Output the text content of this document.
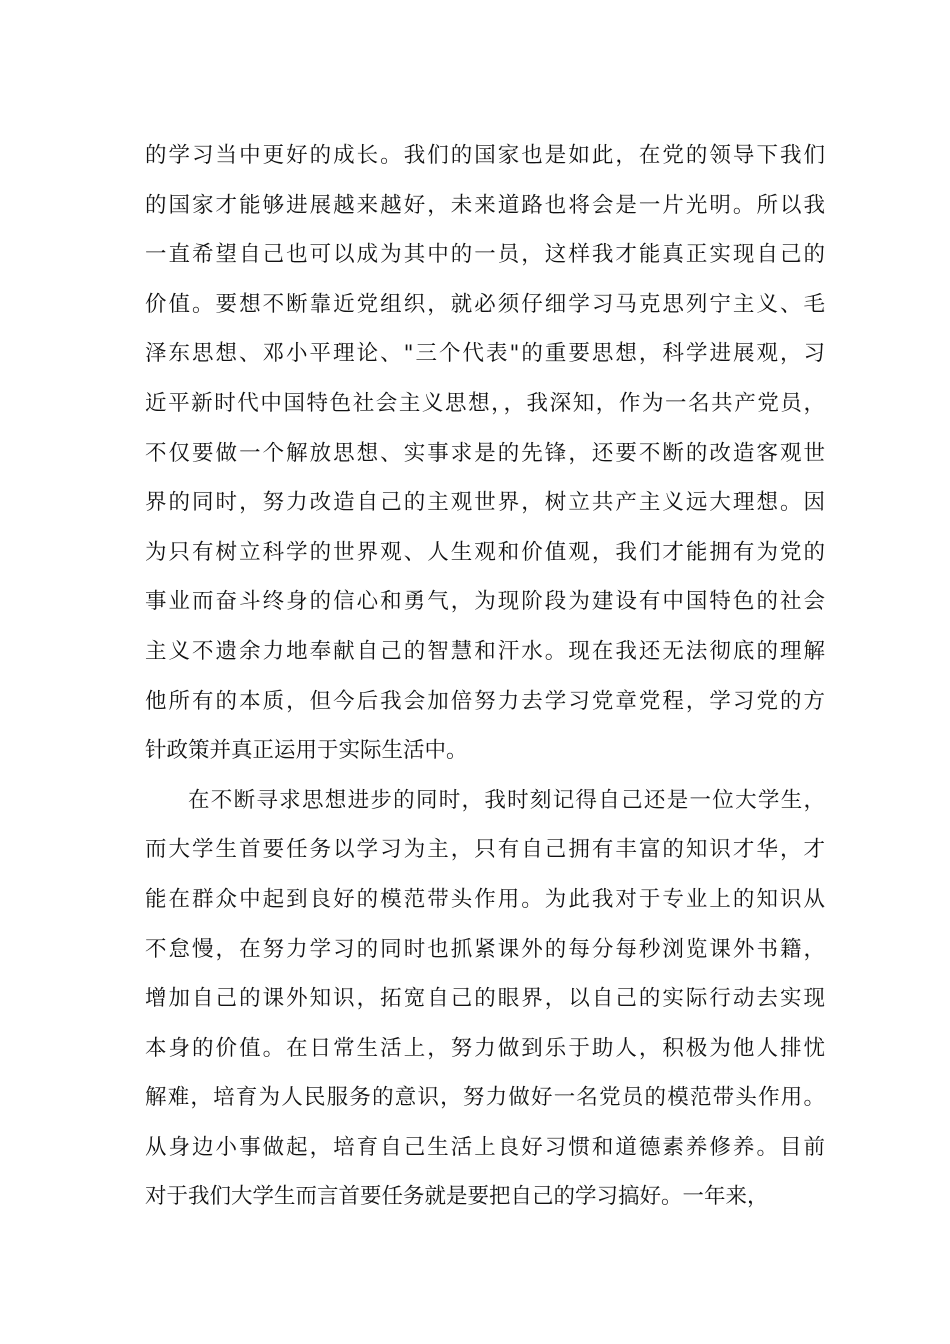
的学习当中更好的成长。我们的国家也是如此，在党的领导下我们
的国家才能够进展越来越好，未来道路也将会是一片光明。所以我
一直希望自己也可以成为其中的一员，这样我才能真正实现自己的
价值。要想不断靠近党组织，就必须仔细学习马克思列宁主义、毛
泽东思想、邓小平理论、"三个代表"的重要思想，科学进展观，习
近平新时代中国特色社会主义思想，，我深知，作为一名共产党员，
不仅要做一个解放思想、实事求是的先锋，还要不断的改造客观世
界的同时，努力改造自己的主观世界，树立共产主义远大理想。因
为只有树立科学的世界观、人生观和价值观，我们才能拥有为党的
事业而奋斗终身的信心和勇气，为现阶段为建设有中国特色的社会
主义不遗余力地奉献自己的智慧和汗水。现在我还无法彻底的理解
他所有的本质，但今后我会加倍努力去学习党章党程，学习党的方
针政策并真正运用于实际生活中。
在不断寻求思想进步的同时，我时刻记得自己还是一位大学生，
而大学生首要任务以学习为主，只有自己拥有丰富的知识才华，才
能在群众中起到良好的模范带头作用。为此我对于专业上的知识从
不怠慢，在努力学习的同时也抓紧课外的每分每秒浏览课外书籍，
增加自己的课外知识，拓宽自己的眼界，以自己的实际行动去实现
本身的价值。在日常生活上，努力做到乐于助人，积极为他人排忧
解难，培育为人民服务的意识，努力做好一名党员的模范带头作用。
从身边小事做起，培育自己生活上良好习惯和道德素养修养。目前
对于我们大学生而言首要任务就是要把自己的学习搞好。一年来，
